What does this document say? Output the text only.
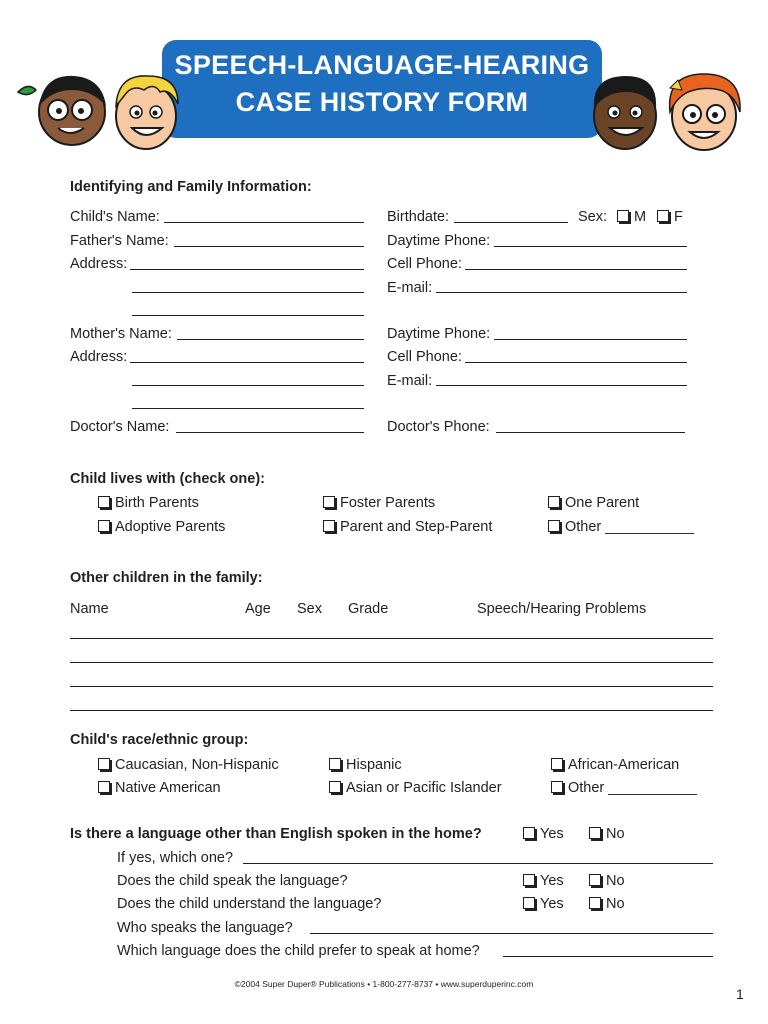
SPEECH-LANGUAGE-HEARING
CASE HISTORY FORM
Identifying and Family Information:
Child's Name:	Birthdate:	Sex:	M	F
Father's Name:	Daytime Phone:
Address:	Cell Phone:
E-mail:
Mother's Name:	Daytime Phone:
Address:	Cell Phone:
E-mail:
Doctor's Name:	Doctor's Phone:
Child lives with (check one):
Birth Parents	Foster Parents	One Parent
Adoptive Parents	Parent and Step-Parent	Other ___________
Other children in the family:
Name	Age Sex Grade	Speech/Hearing Problems
Child's race/ethnic group:
Caucasian, Non-Hispanic	Hispanic	African-American
Native American	Asian or Pacific Islander	Other ___________
Is there a language other than English spoken in the home?	Yes	No
If yes, which one?
Does the child speak the language?	Yes	No
Does the child understand the language?	Yes	No
Who speaks the language?
Which language does the child prefer to speak at home?
©2004 Super Duper® Publications • 1-800-277-8737 • www.superduperinc.com
1
